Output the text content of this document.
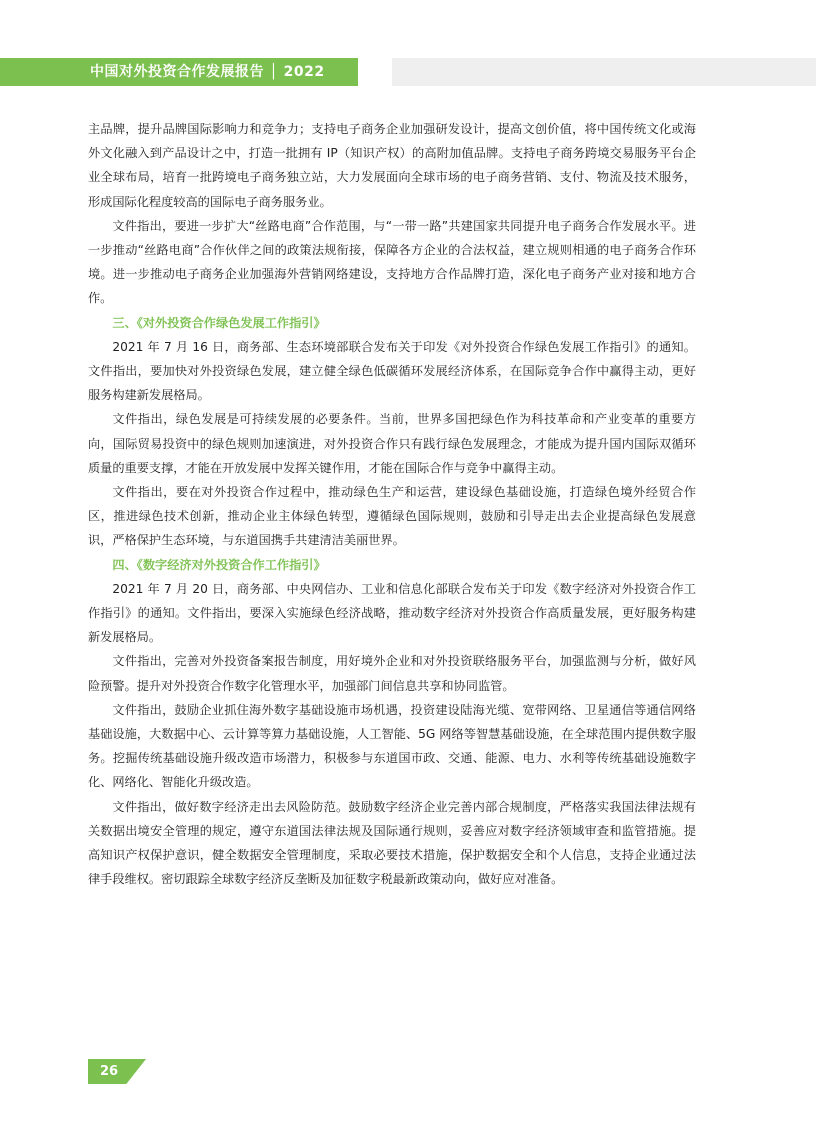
中国对外投资合作发展报告 │ 2022

主品牌，提升品牌国际影响力和竞争力；支持电子商务企业加强研发设计，提高文创价值，将中国传统文化或海外文化融入到产品设计之中，打造一批拥有 IP（知识产权）的高附加值品牌。支持电子商务跨境交易服务平台企业全球布局，培育一批跨境电子商务独立站，大力发展面向全球市场的电子商务营销、支付、物流及技术服务，形成国际化程度较高的国际电子商务服务业。

文件指出，要进一步扩大“丝路电商”合作范围，与“一带一路”共建国家共同提升电子商务合作发展水平。进一步推动“丝路电商”合作伙伴之间的政策法规衔接，保障各方企业的合法权益，建立规则相通的电子商务合作环境。进一步推动电子商务企业加强海外营销网络建设，支持地方合作品牌打造，深化电子商务产业对接和地方合作。

三、《对外投资合作绿色发展工作指引》

2021 年 7 月 16 日，商务部、生态环境部联合发布关于印发《对外投资合作绿色发展工作指引》的通知。文件指出，要加快对外投资绿色发展，建立健全绿色低碳循环发展经济体系，在国际竞争合作中赢得主动，更好服务构建新发展格局。

文件指出，绿色发展是可持续发展的必要条件。当前，世界多国把绿色作为科技革命和产业变革的重要方向，国际贸易投资中的绿色规则加速演进，对外投资合作只有践行绿色发展理念，才能成为提升国内国际双循环质量的重要支撑，才能在开放发展中发挥关键作用，才能在国际合作与竞争中赢得主动。

文件指出，要在对外投资合作过程中，推动绿色生产和运营，建设绿色基础设施，打造绿色境外经贸合作区，推进绿色技术创新，推动企业主体绿色转型，遵循绿色国际规则，鼓励和引导走出去企业提高绿色发展意识，严格保护生态环境，与东道国携手共建清洁美丽世界。

四、《数字经济对外投资合作工作指引》

2021 年 7 月 20 日，商务部、中央网信办、工业和信息化部联合发布关于印发《数字经济对外投资合作工作指引》的通知。文件指出，要深入实施绿色经济战略，推动数字经济对外投资合作高质量发展，更好服务构建新发展格局。

文件指出，完善对外投资备案报告制度，用好境外企业和对外投资联络服务平台，加强监测与分析，做好风险预警。提升对外投资合作数字化管理水平，加强部门间信息共享和协同监管。

文件指出，鼓励企业抓住海外数字基础设施市场机遇，投资建设陆海光缆、宽带网络、卫星通信等通信网络基础设施，大数据中心、云计算等算力基础设施，人工智能、5G 网络等智慧基础设施，在全球范围内提供数字服务。挖掘传统基础设施升级改造市场潜力，积极参与东道国市政、交通、能源、电力、水利等传统基础设施数字化、网络化、智能化升级改造。

文件指出，做好数字经济走出去风险防范。鼓励数字经济企业完善内部合规制度，严格落实我国法律法规有关数据出境安全管理的规定，遵守东道国法律法规及国际通行规则，妥善应对数字经济领域审查和监管措施。提高知识产权保护意识，健全数据安全管理制度，采取必要技术措施，保护数据安全和个人信息，支持企业通过法律手段维权。密切跟踪全球数字经济反垄断及加征数字税最新政策动向，做好应对准备。

26
